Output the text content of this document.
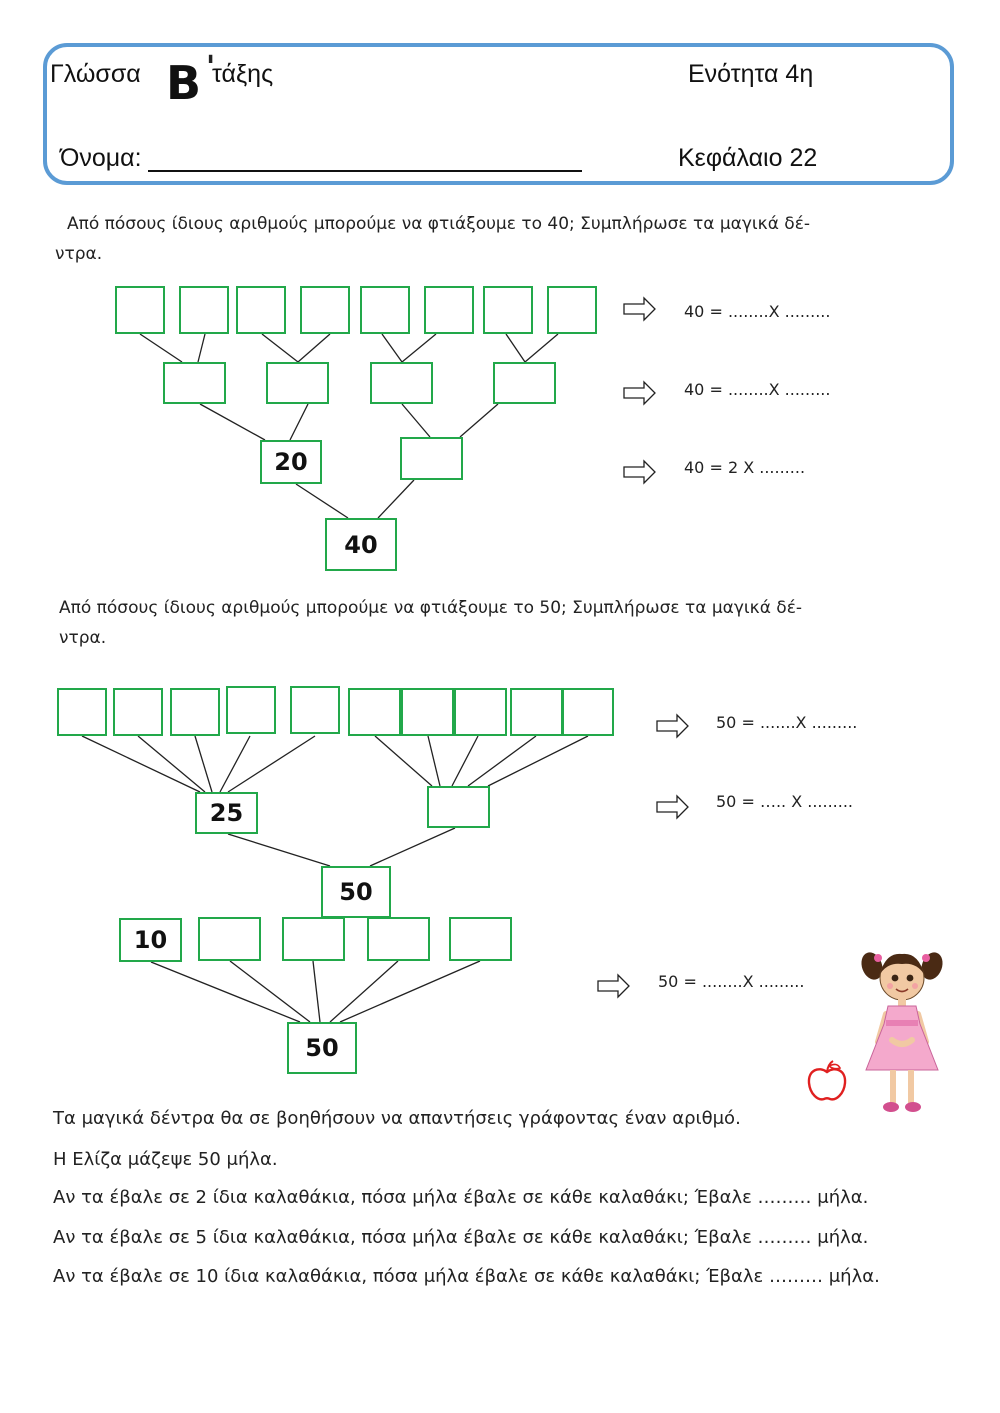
Γλώσσα Β '
τάξης	Ενότητα 4η
Όνομα:	Κεφάλαιο 22
Από πόσους ίδιους αριθμούς μπορούμε να φτιάξουμε το 40; Συμπλήρωσε τα μαγικά δέ-
ντρα.
20
40
40 = ........X .........
40 = ........X .........
40 = 2 X .........
Από πόσους ίδιους αριθμούς μπορούμε να φτιάξουμε το 50; Συμπλήρωσε τα μαγικά δέ-
ντρα.
25
50
10
50
50 = .......X .........
50 = ….. X .........
50 = ........X .........
Τα μαγικά δέντρα θα σε βοηθήσουν να απαντήσεις γράφοντας έναν αριθμό.
Η Ελίζα μάζεψε 50 μήλα.
Αν τα έβαλε σε 2 ίδια καλαθάκια, πόσα μήλα έβαλε σε κάθε καλαθάκι; Έβαλε ……… μήλα.
Αν τα έβαλε σε 5 ίδια καλαθάκια, πόσα μήλα έβαλε σε κάθε καλαθάκι; Έβαλε ……… μήλα.
Αν τα έβαλε σε 10 ίδια καλαθάκια, πόσα μήλα έβαλε σε κάθε καλαθάκι; Έβαλε ……… μήλα.
